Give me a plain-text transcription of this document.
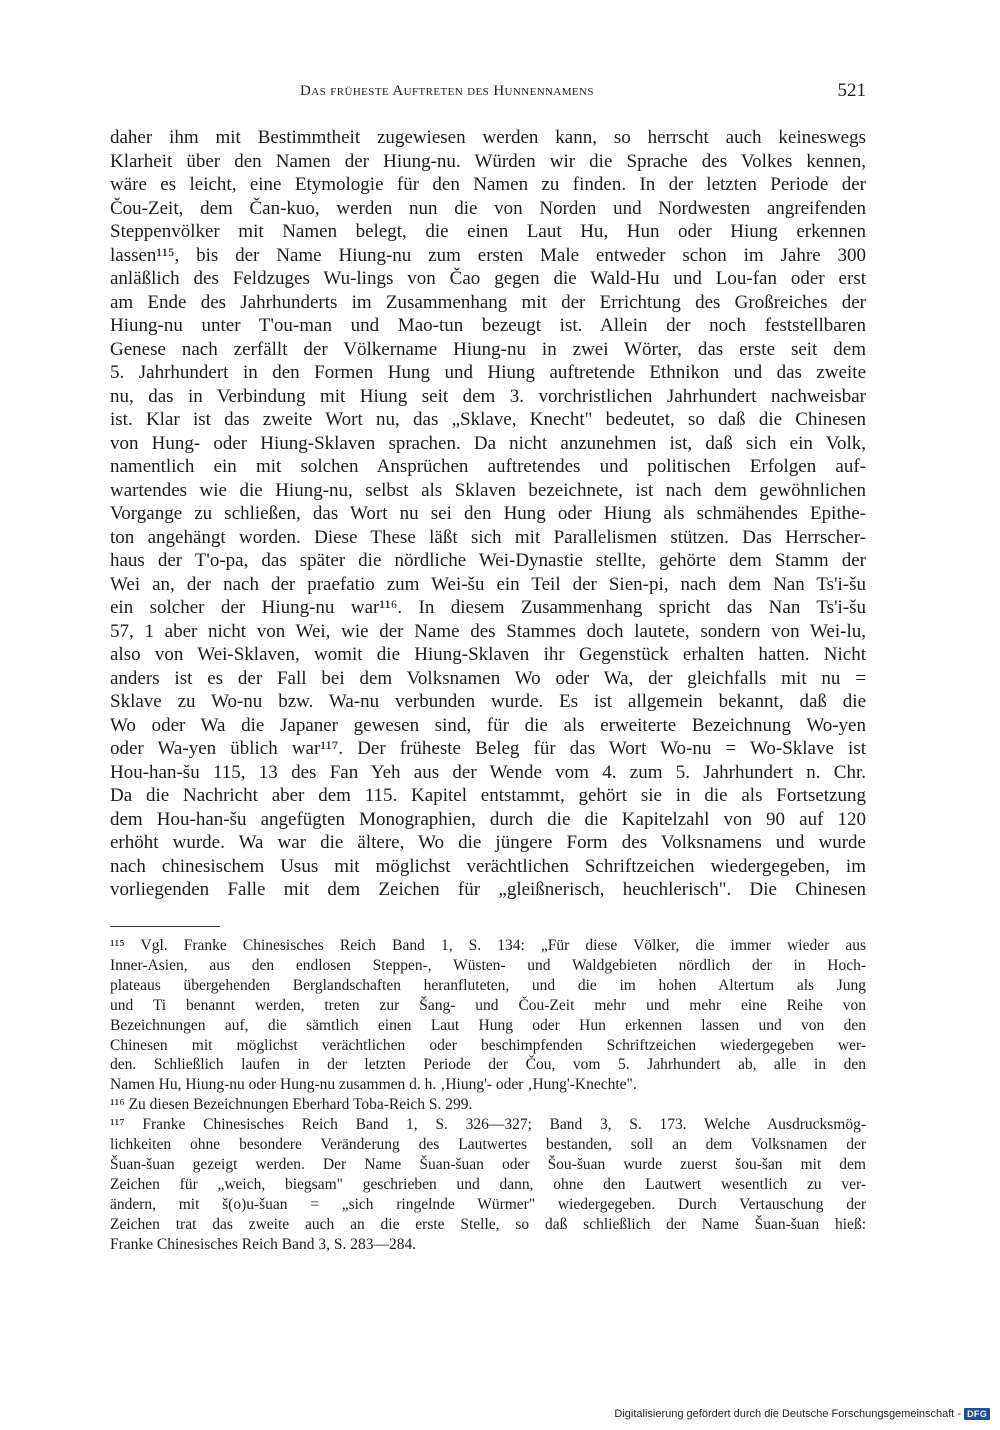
Das früheste Auftreten des Hunnennamens	521
daher ihm mit Bestimmtheit zugewiesen werden kann, so herrscht auch keineswegs
Klarheit über den Namen der Hiung-nu. Würden wir die Sprache des Volkes kennen,
wäre es leicht, eine Etymologie für den Namen zu finden. In der letzten Periode der
Čou-Zeit, dem Čan-kuo, werden nun die von Norden und Nordwesten angreifenden
Steppenvölker mit Namen belegt, die einen Laut Hu, Hun oder Hiung erkennen
lassen¹¹⁵, bis der Name Hiung-nu zum ersten Male entweder schon im Jahre 300
anläßlich des Feldzuges Wu-lings von Čao gegen die Wald-Hu und Lou-fan oder erst
am Ende des Jahrhunderts im Zusammenhang mit der Errichtung des Großreiches der
Hiung-nu unter T'ou-man und Mao-tun bezeugt ist. Allein der noch feststellbaren
Genese nach zerfällt der Völkername Hiung-nu in zwei Wörter, das erste seit dem
5. Jahrhundert in den Formen Hung und Hiung auftretende Ethnikon und das zweite
nu, das in Verbindung mit Hiung seit dem 3. vorchristlichen Jahrhundert nachweisbar
ist. Klar ist das zweite Wort nu, das „Sklave, Knecht" bedeutet, so daß die Chinesen
von Hung- oder Hiung-Sklaven sprachen. Da nicht anzunehmen ist, daß sich ein Volk,
namentlich ein mit solchen Ansprüchen auftretendes und politischen Erfolgen auf-
wartendes wie die Hiung-nu, selbst als Sklaven bezeichnete, ist nach dem gewöhnlichen
Vorgange zu schließen, das Wort nu sei den Hung oder Hiung als schmähendes Epithe-
ton angehängt worden. Diese These läßt sich mit Parallelismen stützen. Das Herrscher-
haus der T'o-pa, das später die nördliche Wei-Dynastie stellte, gehörte dem Stamm der
Wei an, der nach der praefatio zum Wei-šu ein Teil der Sien-pi, nach dem Nan Ts'i-šu
ein solcher der Hiung-nu war¹¹⁶. In diesem Zusammenhang spricht das Nan Ts'i-šu
57, 1 aber nicht von Wei, wie der Name des Stammes doch lautete, sondern von Wei-lu,
also von Wei-Sklaven, womit die Hiung-Sklaven ihr Gegenstück erhalten hatten. Nicht
anders ist es der Fall bei dem Volksnamen Wo oder Wa, der gleichfalls mit nu =
Sklave zu Wo-nu bzw. Wa-nu verbunden wurde. Es ist allgemein bekannt, daß die
Wo oder Wa die Japaner gewesen sind, für die als erweiterte Bezeichnung Wo-yen
oder Wa-yen üblich war¹¹⁷. Der früheste Beleg für das Wort Wo-nu = Wo-Sklave ist
Hou-han-šu 115, 13 des Fan Yeh aus der Wende vom 4. zum 5. Jahrhundert n. Chr.
Da die Nachricht aber dem 115. Kapitel entstammt, gehört sie in die als Fortsetzung
dem Hou-han-šu angefügten Monographien, durch die die Kapitelzahl von 90 auf 120
erhöht wurde. Wa war die ältere, Wo die jüngere Form des Volksnamens und wurde
nach chinesischem Usus mit möglichst verächtlichen Schriftzeichen wiedergegeben, im
vorliegenden Falle mit dem Zeichen für „gleißnerisch, heuchlerisch". Die Chinesen
¹¹⁵ Vgl. Franke Chinesisches Reich Band 1, S. 134: „Für diese Völker, die immer wieder aus
Inner-Asien, aus den endlosen Steppen-, Wüsten- und Waldgebieten nördlich der in Hoch-
plateaus übergehenden Berglandschaften heranfluteten, und die im hohen Altertum als Jung
und Ti benannt werden, treten zur Šang- und Čou-Zeit mehr und mehr eine Reihe von
Bezeichnungen auf, die sämtlich einen Laut Hung oder Hun erkennen lassen und von den
Chinesen mit möglichst verächtlichen oder beschimpfenden Schriftzeichen wiedergegeben wer-
den. Schließlich laufen in der letzten Periode der Čou, vom 5. Jahrhundert ab, alle in den
Namen Hu, Hiung-nu oder Hung-nu zusammen d. h. ‚Hiung'- oder ‚Hung'-Knechte".
¹¹⁶ Zu diesen Bezeichnungen Eberhard Toba-Reich S. 299.
¹¹⁷ Franke Chinesisches Reich Band 1, S. 326—327; Band 3, S. 173. Welche Ausdrucksmög-
lichkeiten ohne besondere Veränderung des Lautwertes bestanden, soll an dem Volksnamen der
Šuan-šuan gezeigt werden. Der Name Šuan-šuan oder Šou-šuan wurde zuerst šou-šan mit dem
Zeichen für „weich, biegsam" geschrieben und dann, ohne den Lautwert wesentlich zu ver-
ändern, mit š(o)u-šuan = „sich ringelnde Würmer" wiedergegeben. Durch Vertauschung der
Zeichen trat das zweite auch an die erste Stelle, so daß schließlich der Name Šuan-šuan hieß:
Franke Chinesisches Reich Band 3, S. 283—284.
Digitalisierung gefördert durch die Deutsche Forschungsgemeinschaft - DFG
